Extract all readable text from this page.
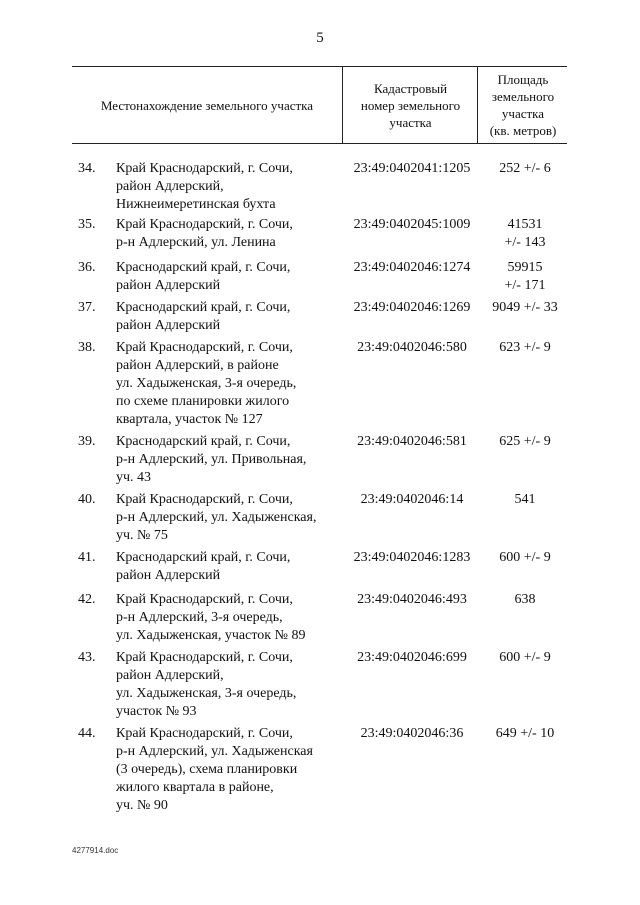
5
Местонахождение земельного участка
Кадастровый
номер земельного
участка
Площадь
земельного
участка
(кв. метров)
34.	Край Краснодарский, г. Сочи,
район Адлерский,
Нижнеимеретинская бухта
23:49:0402041:1205	252 +/- 6
35.	Край Краснодарский, г. Сочи,
р-н Адлерский, ул. Ленина
23:49:0402045:1009	41531
+/- 143
36.	Краснодарский край, г. Сочи,
район Адлерский
23:49:0402046:1274	59915
+/- 171
37.	Краснодарский край, г. Сочи,
район Адлерский
23:49:0402046:1269	9049 +/- 33
38.	Край Краснодарский, г. Сочи,
район Адлерский, в районе
ул. Хадыженская, 3-я очередь,
по схеме планировки жилого
квартала, участок № 127
23:49:0402046:580	623 +/- 9
39.	Краснодарский край, г. Сочи,
р-н Адлерский, ул. Привольная,
уч. 43
23:49:0402046:581	625 +/- 9
40.	Край Краснодарский, г. Сочи,
р-н Адлерский, ул. Хадыженская,
уч. № 75
23:49:0402046:14	541
41.	Краснодарский край, г. Сочи,
район Адлерский
23:49:0402046:1283	600 +/- 9
42.	Край Краснодарский, г. Сочи,
р-н Адлерский, 3-я очередь,
ул. Хадыженская, участок № 89
23:49:0402046:493	638
43.	Край Краснодарский, г. Сочи,
район Адлерский,
ул. Хадыженская, 3-я очередь,
участок № 93
23:49:0402046:699	600 +/- 9
44.	Край Краснодарский, г. Сочи,
р-н Адлерский, ул. Хадыженская
(3 очередь), схема планировки
жилого квартала в районе,
уч. № 90
23:49:0402046:36	649 +/- 10
4277914.doc
